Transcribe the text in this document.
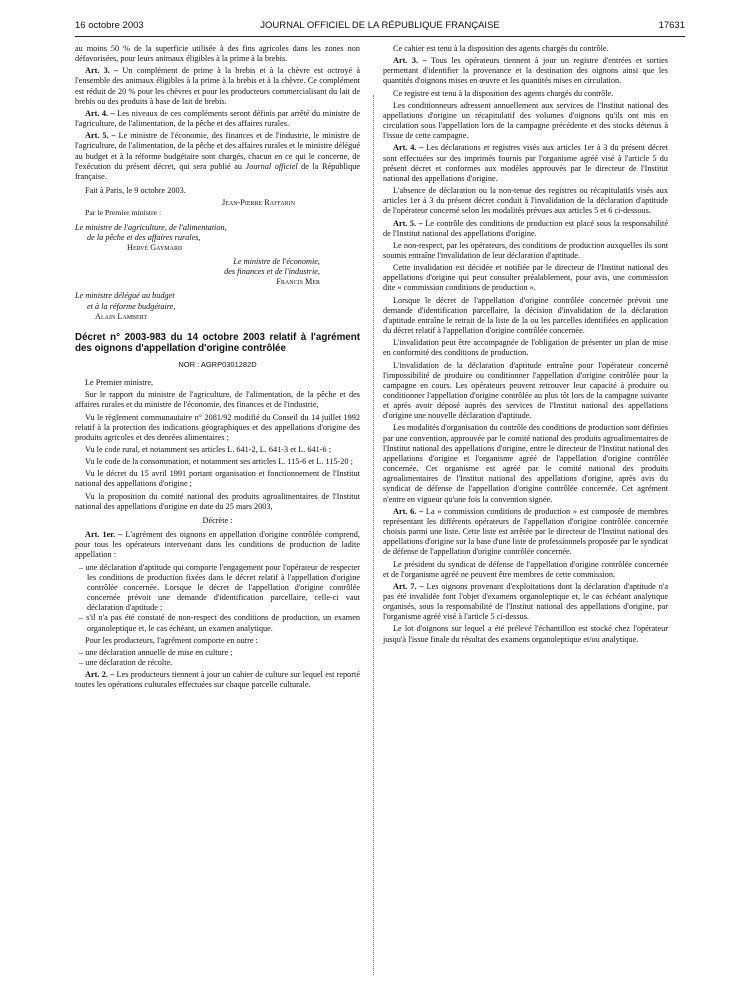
16 octobre 2003	JOURNAL OFFICIEL DE LA RÉPUBLIQUE FRANÇAISE	17631

au moins 50 % de la superficie utilisée à des fins agricoles dans les zones non défavorisées, pour leurs animaux éligibles à la prime à la brebis.

Art. 3. – Un complément de prime à la brebis et à la chèvre est octroyé à l'ensemble des animaux éligibles à la prime à la brebis et à la chèvre. Ce complément est réduit de 20 % pour les chèvres et pour les producteurs commercialisant du lait de brebis ou des produits à base de lait de brebis.

Art. 4. – Les niveaux de ces compléments seront définis par arrêté du ministre de l'agriculture, de l'alimentation, de la pêche et des affaires rurales.

Art. 5. – Le ministre de l'économie, des finances et de l'industrie, le ministre de l'agriculture, de l'alimentation, de la pêche et des affaires rurales et le ministre délégué au budget et à la réforme budgétaire sont chargés, chacun en ce qui le concerne, de l'exécution du présent décret, qui sera publié au Journal officiel de la République française.

Fait à Paris, le 9 octobre 2003.

Jean-Pierre Raffarin

Par le Premier ministre :

Le ministre de l'agriculture, de l'alimentation,

de la pêche et des affaires rurales,

Hervé Gaymard

Le ministre de l'économie,

des finances et de l'industrie,

Francis Mer

Le ministre délégué au budget

et à la réforme budgétaire,

Alain Lambert

Décret n° 2003-983 du 14 octobre 2003 relatif à l'agrément des oignons d'appellation d'origine contrôlée

NOR : AGRP0301282D

Le Premier ministre,

Sur le rapport du ministre de l'agriculture, de l'alimentation, de la pêche et des affaires rurales et du ministre de l'économie, des finances et de l'industrie,

Vu le règlement communautaire n° 2081/92 modifié du Conseil du 14 juillet 1992 relatif à la protection des indications géographiques et des appellations d'origine des produits agricoles et des denrées alimentaires ;

Vu le code rural, et notamment ses articles L. 641-2, L. 641-3 et L. 641-6 ;

Vu le code de la consommation, et notamment ses articles L. 115-6 et L. 115-20 ;

Vu le décret du 15 avril 1991 portant organisation et fonctionnement de l'Institut national des appellations d'origine ;

Vu la proposition du comité national des produits agroalimentaires de l'Institut national des appellations d'origine en date du 25 mars 2003,

Décrète :

Art. 1er. – L'agrément des oignons en appellation d'origine contrôlée comprend, pour tous les opérateurs intervenant dans les conditions de production de ladite appellation :

– une déclaration d'aptitude qui comporte l'engagement pour l'opérateur de respecter les conditions de production fixées dans le décret relatif à l'appellation d'origine contrôlée concernée. Lorsque le décret de l'appellation d'origine contrôlée concernée prévoit une demande d'identification parcellaire, celle-ci vaut déclaration d'aptitude ;
– s'il n'a pas été constaté de non-respect des conditions de production, un examen organoleptique et, le cas échéant, un examen analytique.

Pour les producteurs, l'agrément comporte en outre :

– une déclaration annuelle de mise en culture ;
– une déclaration de récolte.

Art. 2. – Les producteurs tiennent à jour un cahier de culture sur lequel est reporté toutes les opérations culturales effectuées sur chaque parcelle culturale.

Ce cahier est tenu à la disposition des agents chargés du contrôle.

Art. 3. – Tous les opérateurs tiennent à jour un registre d'entrées et sorties permettant d'identifier la provenance et la destination des oignons ainsi que les quantités d'oignons mises en œuvre et les quantités mises en circulation.

Ce registre est tenu à la disposition des agents chargés du contrôle.

Les conditionneurs adressent annuellement aux services de l'Institut national des appellations d'origine un récapitulatif des volumes d'oignons qu'ils ont mis en circulation sous l'appellation lors de la campagne précédente et des stocks détenus à l'issue de cette campagne.

Art. 4. – Les déclarations et registres visés aux articles 1er à 3 du présent décret sont effectuées sur des imprimés fournis par l'organisme agréé visé à l'article 5 du présent décret et conformes aux modèles approuvés par le directeur de l'Institut national des appellations d'origine.

L'absence de déclaration ou la non-tenue des registres ou récapitulatifs visés aux articles 1er à 3 du présent décret conduit à l'invalidation de la déclaration d'aptitude de l'opérateur concerné selon les modalités prévues aux articles 5 et 6 ci-dessous.

Art. 5. – Le contrôle des conditions de production est placé sous la responsabilité de l'Institut national des appellations d'origine.

Le non-respect, par les opérateurs, des conditions de production auxquelles ils sont soumis entraîne l'invalidation de leur déclaration d'aptitude.

Cette invalidation est décidée et notifiée par le directeur de l'Institut national des appellations d'origine qui peut consulter préalablement, pour avis, une commission dite « commission conditions de production ».

Lorsque le décret de l'appellation d'origine contrôlée concernée prévoit une demande d'identification parcellaire, la décision d'invalidation de la déclaration d'aptitude entraîne le retrait de la liste de la ou les parcelles identifiées en application du décret relatif à l'appellation d'origine contrôlée concernée.

L'invalidation peut être accompagnée de l'obligation de présenter un plan de mise en conformité des conditions de production.

L'invalidation de la déclaration d'aptitude entraîne pour l'opérateur concerné l'impossibilité de produire ou conditionner l'appellation d'origine contrôlée pour la campagne en cours. Les opérateurs peuvent retrouver leur capacité à produire ou conditionner l'appellation d'origine contrôlée au plus tôt lors de la campagne suivante et après avoir déposé auprès des services de l'Institut national des appellations d'origine une nouvelle déclaration d'aptitude.

Les modalités d'organisation du contrôle des conditions de production sont définies par une convention, approuvée par le comité national des produits agroalimentaires de l'Institut national des appellations d'origine, entre le directeur de l'Institut national des appellations d'origine et l'organisme agréé de l'appellation d'origine contrôlée concernée. Cet organisme est agréé par le comité national des produits agroalimentaires de l'Institut national des appellations d'origine, après avis du syndicat de défense de l'appellation d'origine contrôlée concernée. Cet agrément n'entre en vigueur qu'une fois la convention signée.

Art. 6. – La « commission conditions de production » est composée de membres représentant les différents opérateurs de l'appellation d'origine contrôlée concernée choisis parmi une liste. Cette liste est arrêtée par le directeur de l'Institut national des appellations d'origine sur la base d'une liste de professionnels proposée par le syndicat de défense de l'appellation d'origine contrôlée concernée.

Le président du syndicat de défense de l'appellation d'origine contrôlée concernée et de l'organisme agréé ne peuvent être membres de cette commission.

Art. 7. – Les oignons provenant d'exploitations dont la déclaration d'aptitude n'a pas été invalidée font l'objet d'examens organoleptique et, le cas échéant analytique organisés, sous la responsabilité de l'Institut national des appellations d'origine, par l'organisme agréé visé à l'article 5 ci-dessus.

Le lot d'oignons sur lequel a été prélevé l'échantillon est stocké chez l'opérateur jusqu'à l'issue finale du résultat des examens organoleptique et/ou analytique.
